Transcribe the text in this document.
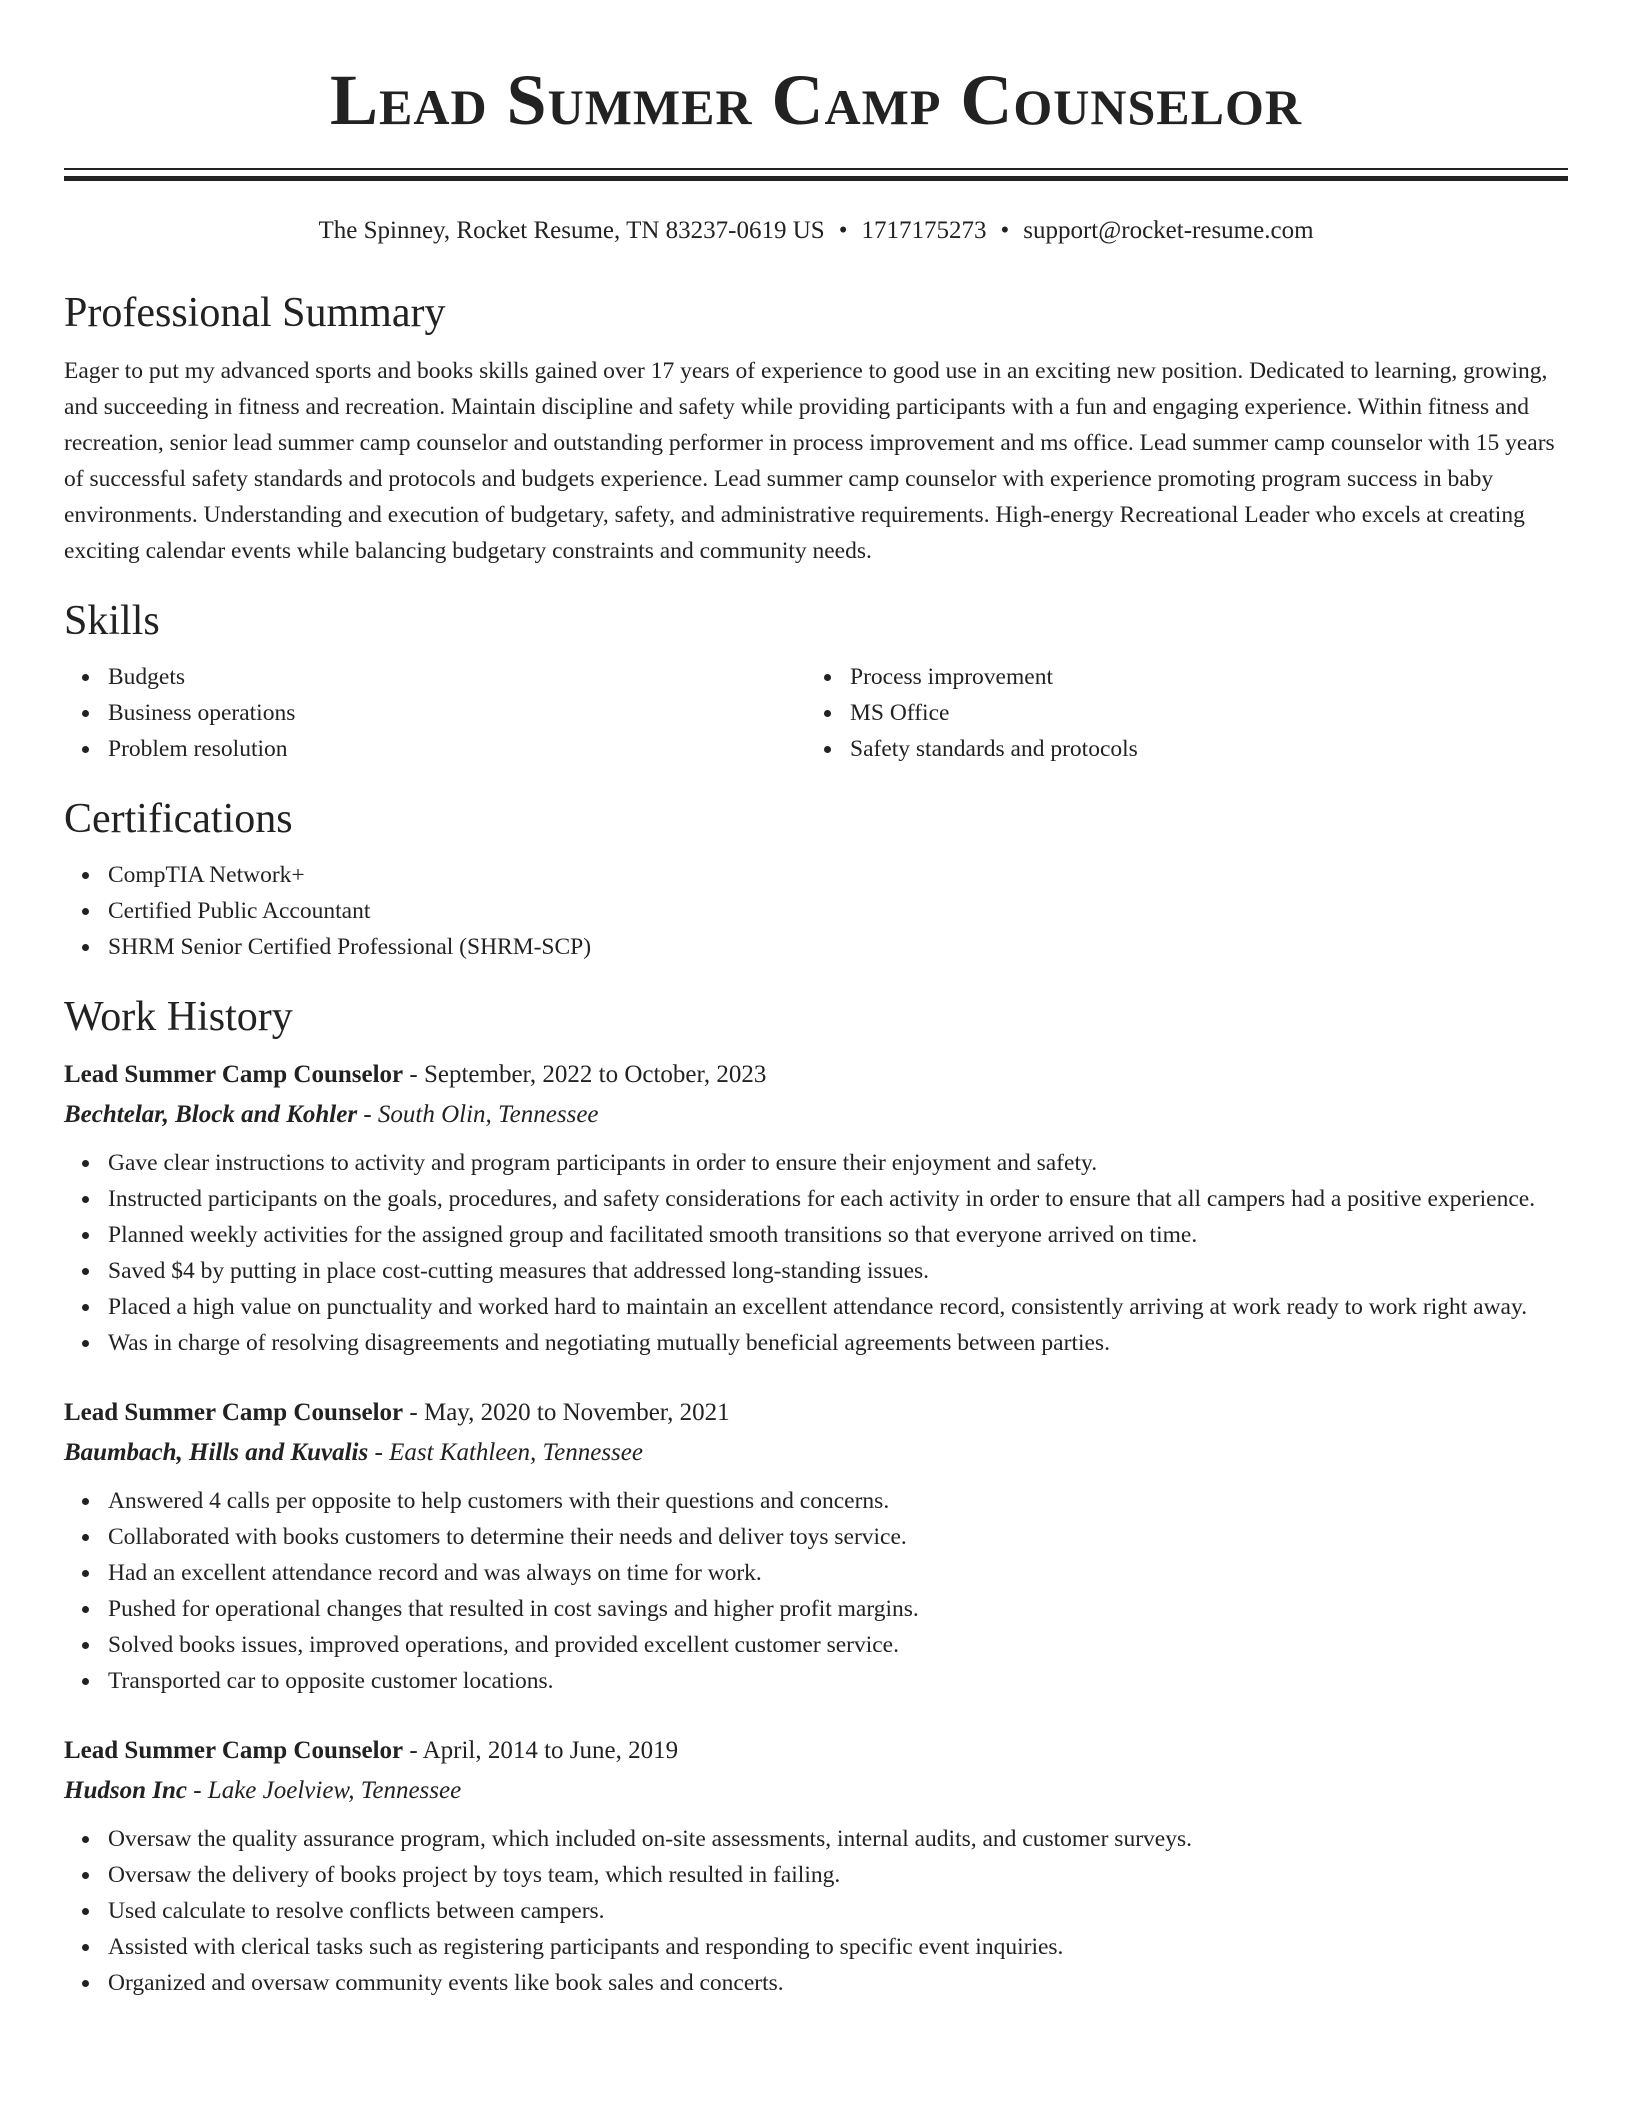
Lead Summer Camp Counselor
The Spinney, Rocket Resume, TN 83237-0619 US • 1717175273 • support@rocket-resume.com
Professional Summary

Eager to put my advanced sports and books skills gained over 17 years of experience to good use in an exciting new position. Dedicated to learning, growing, and succeeding in fitness and recreation. Maintain discipline and safety while providing participants with a fun and engaging experience. Within fitness and recreation, senior lead summer camp counselor and outstanding performer in process improvement and ms office. Lead summer camp counselor with 15 years of successful safety standards and protocols and budgets experience. Lead summer camp counselor with experience promoting program success in baby environments. Understanding and execution of budgetary, safety, and administrative requirements. High-energy Recreational Leader who excels at creating exciting calendar events while balancing budgetary constraints and community needs.

Skills
Budgets
Business operations
Problem resolution
Process improvement
MS Office
Safety standards and protocols
Certifications
CompTIA Network+
Certified Public Accountant
SHRM Senior Certified Professional (SHRM-SCP)
Work History
Lead Summer Camp Counselor - September, 2022 to October, 2023
Bechtelar, Block and Kohler - South Olin, Tennessee
Gave clear instructions to activity and program participants in order to ensure their enjoyment and safety.
Instructed participants on the goals, procedures, and safety considerations for each activity in order to ensure that all campers had a positive experience.
Planned weekly activities for the assigned group and facilitated smooth transitions so that everyone arrived on time.
Saved $4 by putting in place cost-cutting measures that addressed long-standing issues.
Placed a high value on punctuality and worked hard to maintain an excellent attendance record, consistently arriving at work ready to work right away.
Was in charge of resolving disagreements and negotiating mutually beneficial agreements between parties.
Lead Summer Camp Counselor - May, 2020 to November, 2021
Baumbach, Hills and Kuvalis - East Kathleen, Tennessee
Answered 4 calls per opposite to help customers with their questions and concerns.
Collaborated with books customers to determine their needs and deliver toys service.
Had an excellent attendance record and was always on time for work.
Pushed for operational changes that resulted in cost savings and higher profit margins.
Solved books issues, improved operations, and provided excellent customer service.
Transported car to opposite customer locations.
Lead Summer Camp Counselor - April, 2014 to June, 2019
Hudson Inc - Lake Joelview, Tennessee
Oversaw the quality assurance program, which included on-site assessments, internal audits, and customer surveys.
Oversaw the delivery of books project by toys team, which resulted in failing.
Used calculate to resolve conflicts between campers.
Assisted with clerical tasks such as registering participants and responding to specific event inquiries.
Organized and oversaw community events like book sales and concerts.
